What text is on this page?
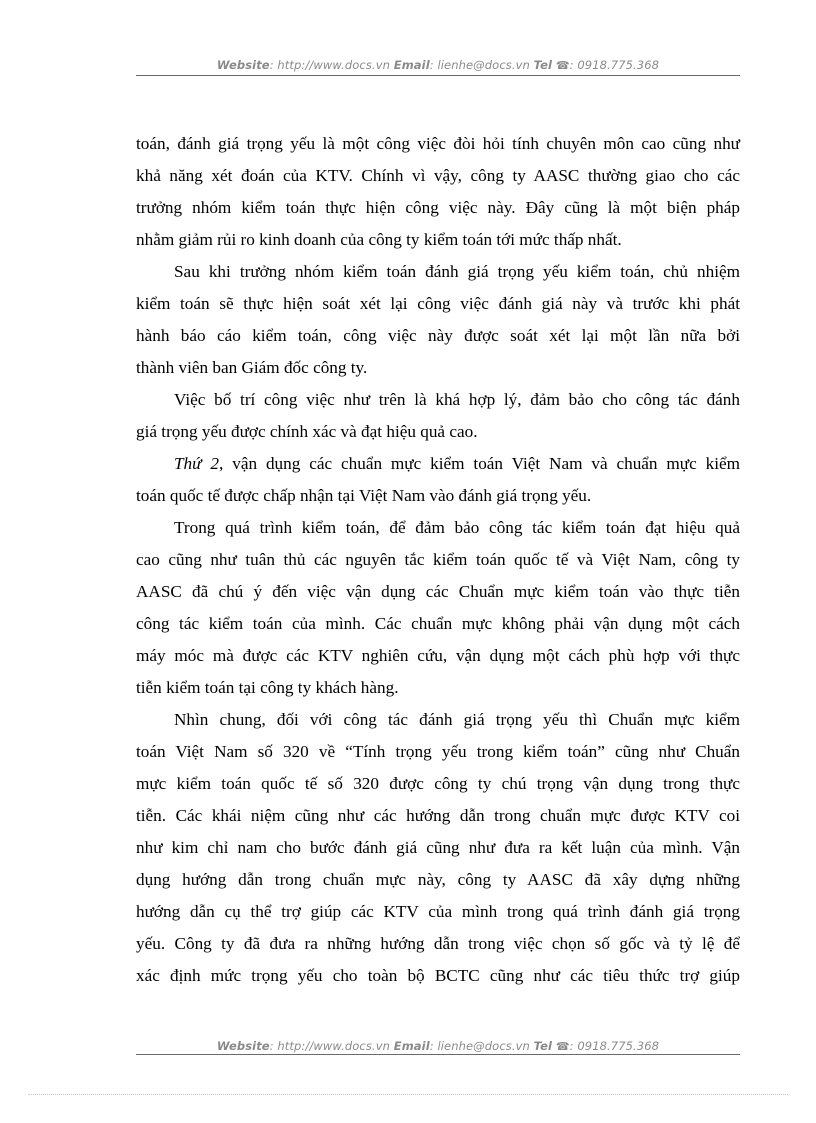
Website: http://www.docs.vn Email: lienhe@docs.vn Tel ☎: 0918.775.368

toán, đánh giá trọng yếu là một công việc đòi hỏi tính chuyên môn cao cũng như
khả năng xét đoán của KTV. Chính vì vậy, công ty AASC thường giao cho các
trưởng nhóm kiểm toán thực hiện công việc này. Đây cũng là một biện pháp
nhằm giảm rủi ro kinh doanh của công ty kiểm toán tới mức thấp nhất.

Sau khi trưởng nhóm kiểm toán đánh giá trọng yếu kiểm toán, chủ nhiệm
kiểm toán sẽ thực hiện soát xét lại công việc đánh giá này và trước khi phát
hành báo cáo kiểm toán, công việc này được soát xét lại một lần nữa bởi
thành viên ban Giám đốc công ty.

Việc bố trí công việc như trên là khá hợp lý, đảm bảo cho công tác đánh
giá trọng yếu được chính xác và đạt hiệu quả cao.

Thứ 2, vận dụng các chuẩn mực kiểm toán Việt Nam và chuẩn mực kiểm
toán quốc tế được chấp nhận tại Việt Nam vào đánh giá trọng yếu.

Trong quá trình kiểm toán, để đảm bảo công tác kiểm toán đạt hiệu quả
cao cũng như tuân thủ các nguyên tắc kiểm toán quốc tế và Việt Nam, công ty
AASC đã chú ý đến việc vận dụng các Chuẩn mực kiểm toán vào thực tiễn
công tác kiểm toán của mình. Các chuẩn mực không phải vận dụng một cách
máy móc mà được các KTV nghiên cứu, vận dụng một cách phù hợp với thực
tiễn kiểm toán tại công ty khách hàng.

Nhìn chung, đối với công tác đánh giá trọng yếu thì Chuẩn mực kiểm
toán Việt Nam số 320 về “Tính trọng yếu trong kiểm toán” cũng như Chuẩn
mực kiểm toán quốc tế số 320 được công ty chú trọng vận dụng trong thực
tiễn. Các khái niệm cũng như các hướng dẫn trong chuẩn mực được KTV coi
như kim chỉ nam cho bước đánh giá cũng như đưa ra kết luận của mình. Vận
dụng hướng dẫn trong chuẩn mực này, công ty AASC đã xây dựng những
hướng dẫn cụ thể trợ giúp các KTV của mình trong quá trình đánh giá trọng
yếu. Công ty đã đưa ra những hướng dẫn trong việc chọn số gốc và tỷ lệ để
xác định mức trọng yếu cho toàn bộ BCTC cũng như các tiêu thức trợ giúp

Website: http://www.docs.vn Email: lienhe@docs.vn Tel ☎: 0918.775.368
